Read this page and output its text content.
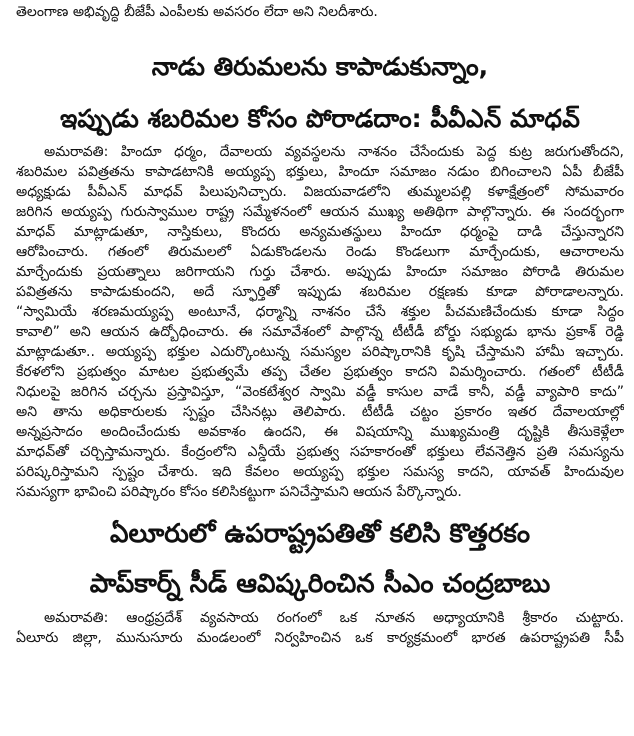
తెలంగాణ అభివృద్ధి బీజేపీ ఎంపీలకు అవసరం లేదా అని నిలదీశారు.
నాడు తిరుమలను కాపాడుకున్నాం,
ఇప్పుడు శబరిమల కోసం పోరాడదాం: పీవీఎన్ మాధవ్
అమరావతి: హిందూ ధర్మం, దేవాలయ వ్యవస్థలను నాశనం చేసేందుకు పెద్ద కుట్ర జరుగుతోందని,
శబరిమల పవిత్రతను కాపాడటానికి అయ్యప్ప భక్తులు, హిందూ సమాజం నడుం బిగించాలని ఏపీ బీజేపీ
అధ్యక్షుడు పీవీఎన్ మాధవ్ పిలుపునిచ్చారు. విజయవాడలోని తుమ్మలపల్లి కళాక్షేత్రంలో సోమవారం
జరిగిన అయ్యప్ప గురుస్వాముల రాష్ట్ర సమ్మేళనంలో ఆయన ముఖ్య అతిథిగా పాల్గొన్నారు. ఈ సందర్భంగా
మాధవ్ మాట్లాడుతూ, నాస్తికులు, కొందరు అన్యమతస్థులు హిందూ ధర్మంపై దాడి చేస్తున్నారని
ఆరోపించారు. గతంలో తిరుమలలో ఏడుకొండలను రెండు కొండలుగా మార్చేందుకు, ఆచారాలను
మార్చేందుకు ప్రయత్నాలు జరిగాయని గుర్తు చేశారు. అప్పుడు హిందూ సమాజం పోరాడి తిరుమల
పవిత్రతను కాపాడుకుందని, అదే స్ఫూర్తితో ఇప్పుడు శబరిమల రక్షణకు కూడా పోరాడాలన్నారు.
“స్వామియే శరణమయ్యప్ప అంటూనే, ధర్మాన్ని నాశనం చేసే శక్తుల పీచమణిచేందుకు కూడా సిద్ధం
కావాలి” అని ఆయన ఉద్బోధించారు. ఈ సమావేశంలో పాల్గొన్న టీటీడీ బోర్డు సభ్యుడు భాను ప్రకాశ్ రెడ్డి
మాట్లాడుతూ.. అయ్యప్ప భక్తుల ఎదుర్కొంటున్న సమస్యల పరిష్కారానికి కృషి చేస్తామని హామీ ఇచ్చారు.
కేరళలోని ప్రభుత్వం మాటల ప్రభుత్వమే తప్ప చేతల ప్రభుత్వం కాదని విమర్శించారు. గతంలో టీటీడీ
నిధులపై జరిగిన చర్చను ప్రస్తావిస్తూ, “వెంకటేశ్వర స్వామి వడ్డీ కాసుల వాడే కానీ, వడ్డీ వ్యాపారి కాదు”
అని తాను అధికారులకు స్పష్టం చేసినట్లు తెలిపారు. టీటీడీ చట్టం ప్రకారం ఇతర దేవాలయాల్లో
అన్నప్రసాదం అందించేందుకు అవకాశం ఉందని, ఈ విషయాన్ని ముఖ్యమంత్రి దృష్టికి తీసుకెళ్లేలా
మాధవ్‌తో చర్చిస్తామన్నారు. కేంద్రంలోని ఎన్డీయే ప్రభుత్వ సహకారంతో భక్తులు లేవనెత్తిన ప్రతి సమస్యను
పరిష్కరిస్తామని స్పష్టం చేశారు. ఇది కేవలం అయ్యప్ప భక్తుల సమస్య కాదని, యావత్ హిందువుల
సమస్యగా భావించి పరిష్కారం కోసం కలిసికట్టుగా పనిచేస్తామని ఆయన పేర్కొన్నారు.
ఏలూరులో ఉపరాష్ట్రపతితో కలిసి కొత్తరకం
పాప్‌కార్న్ సీడ్ ఆవిష్కరించిన సీఎం చంద్రబాబు
అమరావతి: ఆంధ్రప్రదేశ్ వ్యవసాయ రంగంలో ఒక నూతన అధ్యాయానికి శ్రీకారం చుట్టారు.
ఏలూరు జిల్లా, మునుసూరు మండలంలో నిర్వహించిన ఒక కార్యక్రమంలో భారత ఉపరాష్ట్రపతి సీపీ
